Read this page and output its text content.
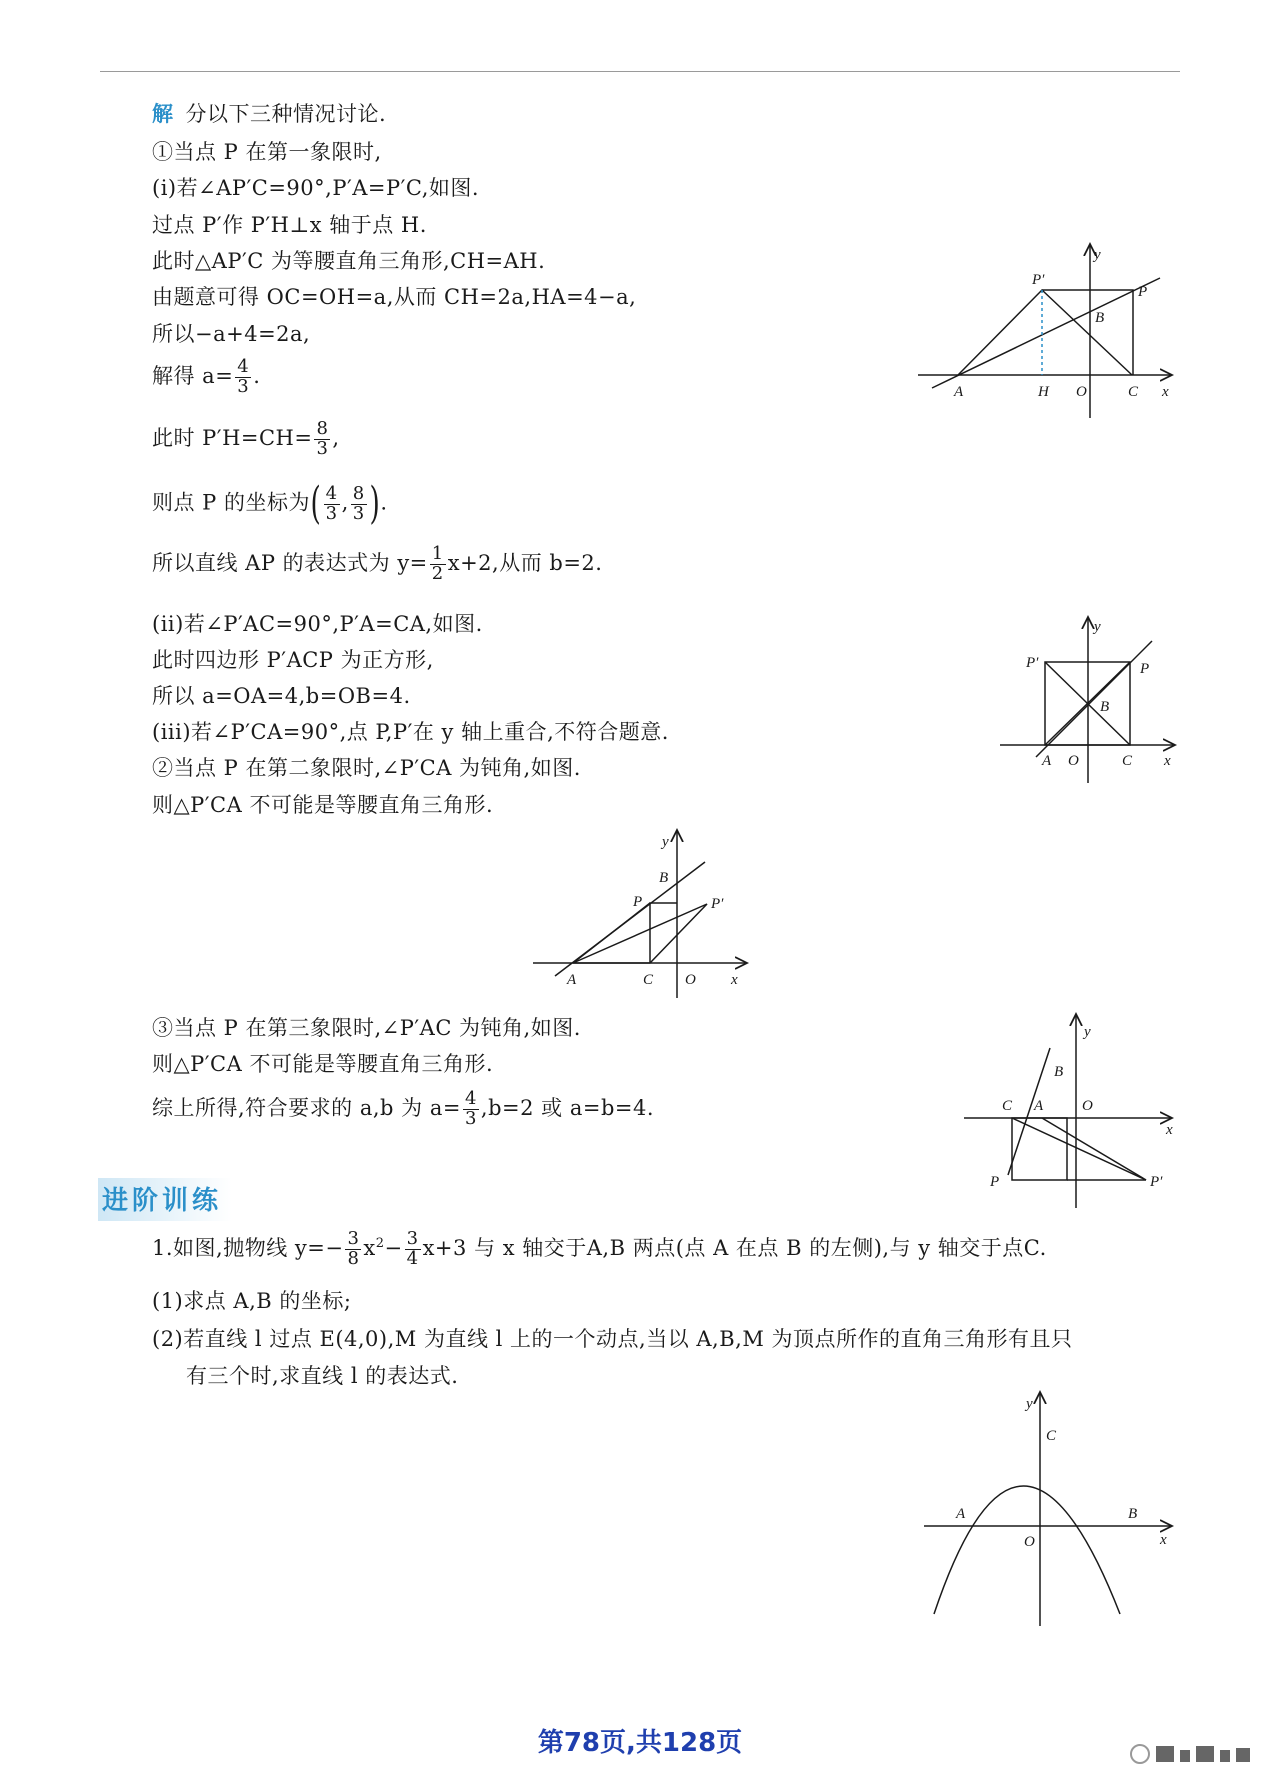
解 分以下三种情况讨论.
①当点 P 在第一象限时,
(i)若∠AP′C=90°,P′A=P′C,如图.
过点 P′作 P′H⊥x 轴于点 H.
此时△AP′C 为等腰直角三角形,CH=AH.
由题意可得 OC=OH=a,从而 CH=2a,HA=4−a,
所以−a+4=2a,
解得 $a= \frac{4}{3}$ .
此时 $P'H=CH= \frac{8}{3}$ ,
则点 P 的坐标为( $\frac{4}{3}$ , $\frac{8}{3}$ ).
所以直线 AP 的表达式为 $y= \frac{1}{2} x+2$,从而 b=2.
(ii)若∠P′AC=90°,P′A=CA,如图.
此时四边形 P′ACP 为正方形,
所以 a=OA=4,b=OB=4.
(iii)若∠P′CA=90°,点 P,P′在 y 轴上重合,不符合题意.
②当点 P 在第二象限时,∠P′CA 为钝角,如图.
则△P′CA 不可能是等腰直角三角形.
③当点 P 在第三象限时,∠P′AC 为钝角,如图.
则△P′CA 不可能是等腰直角三角形.
综上所得,符合要求的 a,b 为 $a= \frac{4}{3} ,b=2$ 或 a=b=4.
进阶训练
1.如图,抛物线 $y=- \frac{3}{8} x^2- \frac{3}{4} x+3$ 与 x 轴交于A,B 两点(点 A 在点 B 的左侧),与 y 轴交于点C.
(1)求点 A,B 的坐标;
(2)若直线 l 过点 E(4,0),M 为直线 l 上的一个动点,当以 A,B,M 为顶点所作的直角三角形有且只
有三个时,求直线 l 的表达式.
y
P′
P
B
A	H O	C x
y
P′	P
B
A O	C x
y
B
P	P′
A	C O x
y
B
C A	O
x
P	P′
y
C
A	B
O	x
第78页,共128页
